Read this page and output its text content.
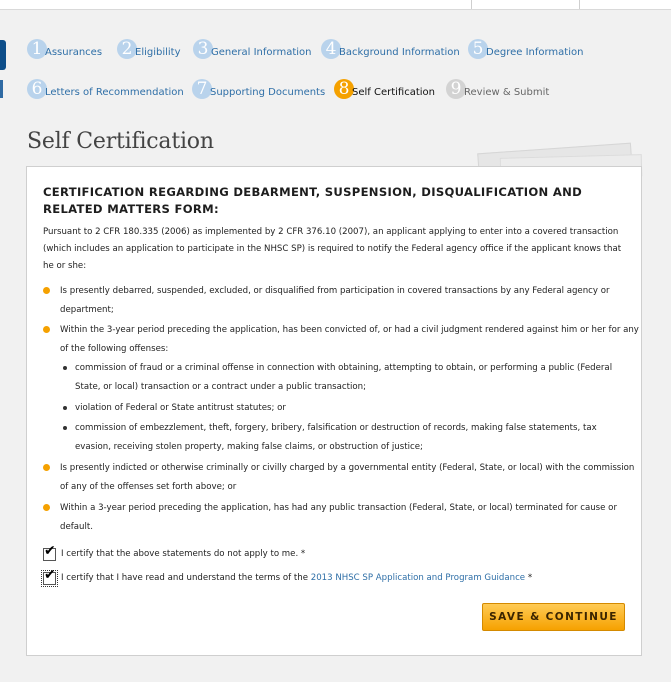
1 Assurances 2 Eligibility 3 General Information 4 Background Information 5 Degree Information
6 Letters of Recommendation 7 Supporting Documents 8 Self Certification 9 Review & Submit
Self Certification
CERTIFICATION REGARDING DEBARMENT, SUSPENSION, DISQUALIFICATION AND RELATED MATTERS FORM:

Pursuant to 2 CFR 180.335 (2006) as implemented by 2 CFR 376.10 (2007), an applicant applying to enter into a covered transaction (which includes an application to participate in the NHSC SP) is required to notify the Federal agency office if the applicant knows that he or she:

Is presently debarred, suspended, excluded, or disqualified from participation in covered transactions by any Federal agency or department;
Within the 3-year period preceding the application, has been convicted of, or had a civil judgment rendered against him or her for any of the following offenses:
commission of fraud or a criminal offense in connection with obtaining, attempting to obtain, or performing a public (Federal State, or local) transaction or a contract under a public transaction;
violation of Federal or State antitrust statutes; or
commission of embezzlement, theft, forgery, bribery, falsification or destruction of records, making false statements, tax evasion, receiving stolen property, making false claims, or obstruction of justice;
Is presently indicted or otherwise criminally or civilly charged by a governmental entity (Federal, State, or local) with the commission of any of the offenses set forth above; or
Within a 3-year period preceding the application, has had any public transaction (Federal, State, or local) terminated for cause or default.
✔ I certify that the above statements do not apply to me. *
✔ I certify that I have read and understand the terms of the 2013 NHSC SP Application and Program Guidance *
SAVE & CONTINUE
